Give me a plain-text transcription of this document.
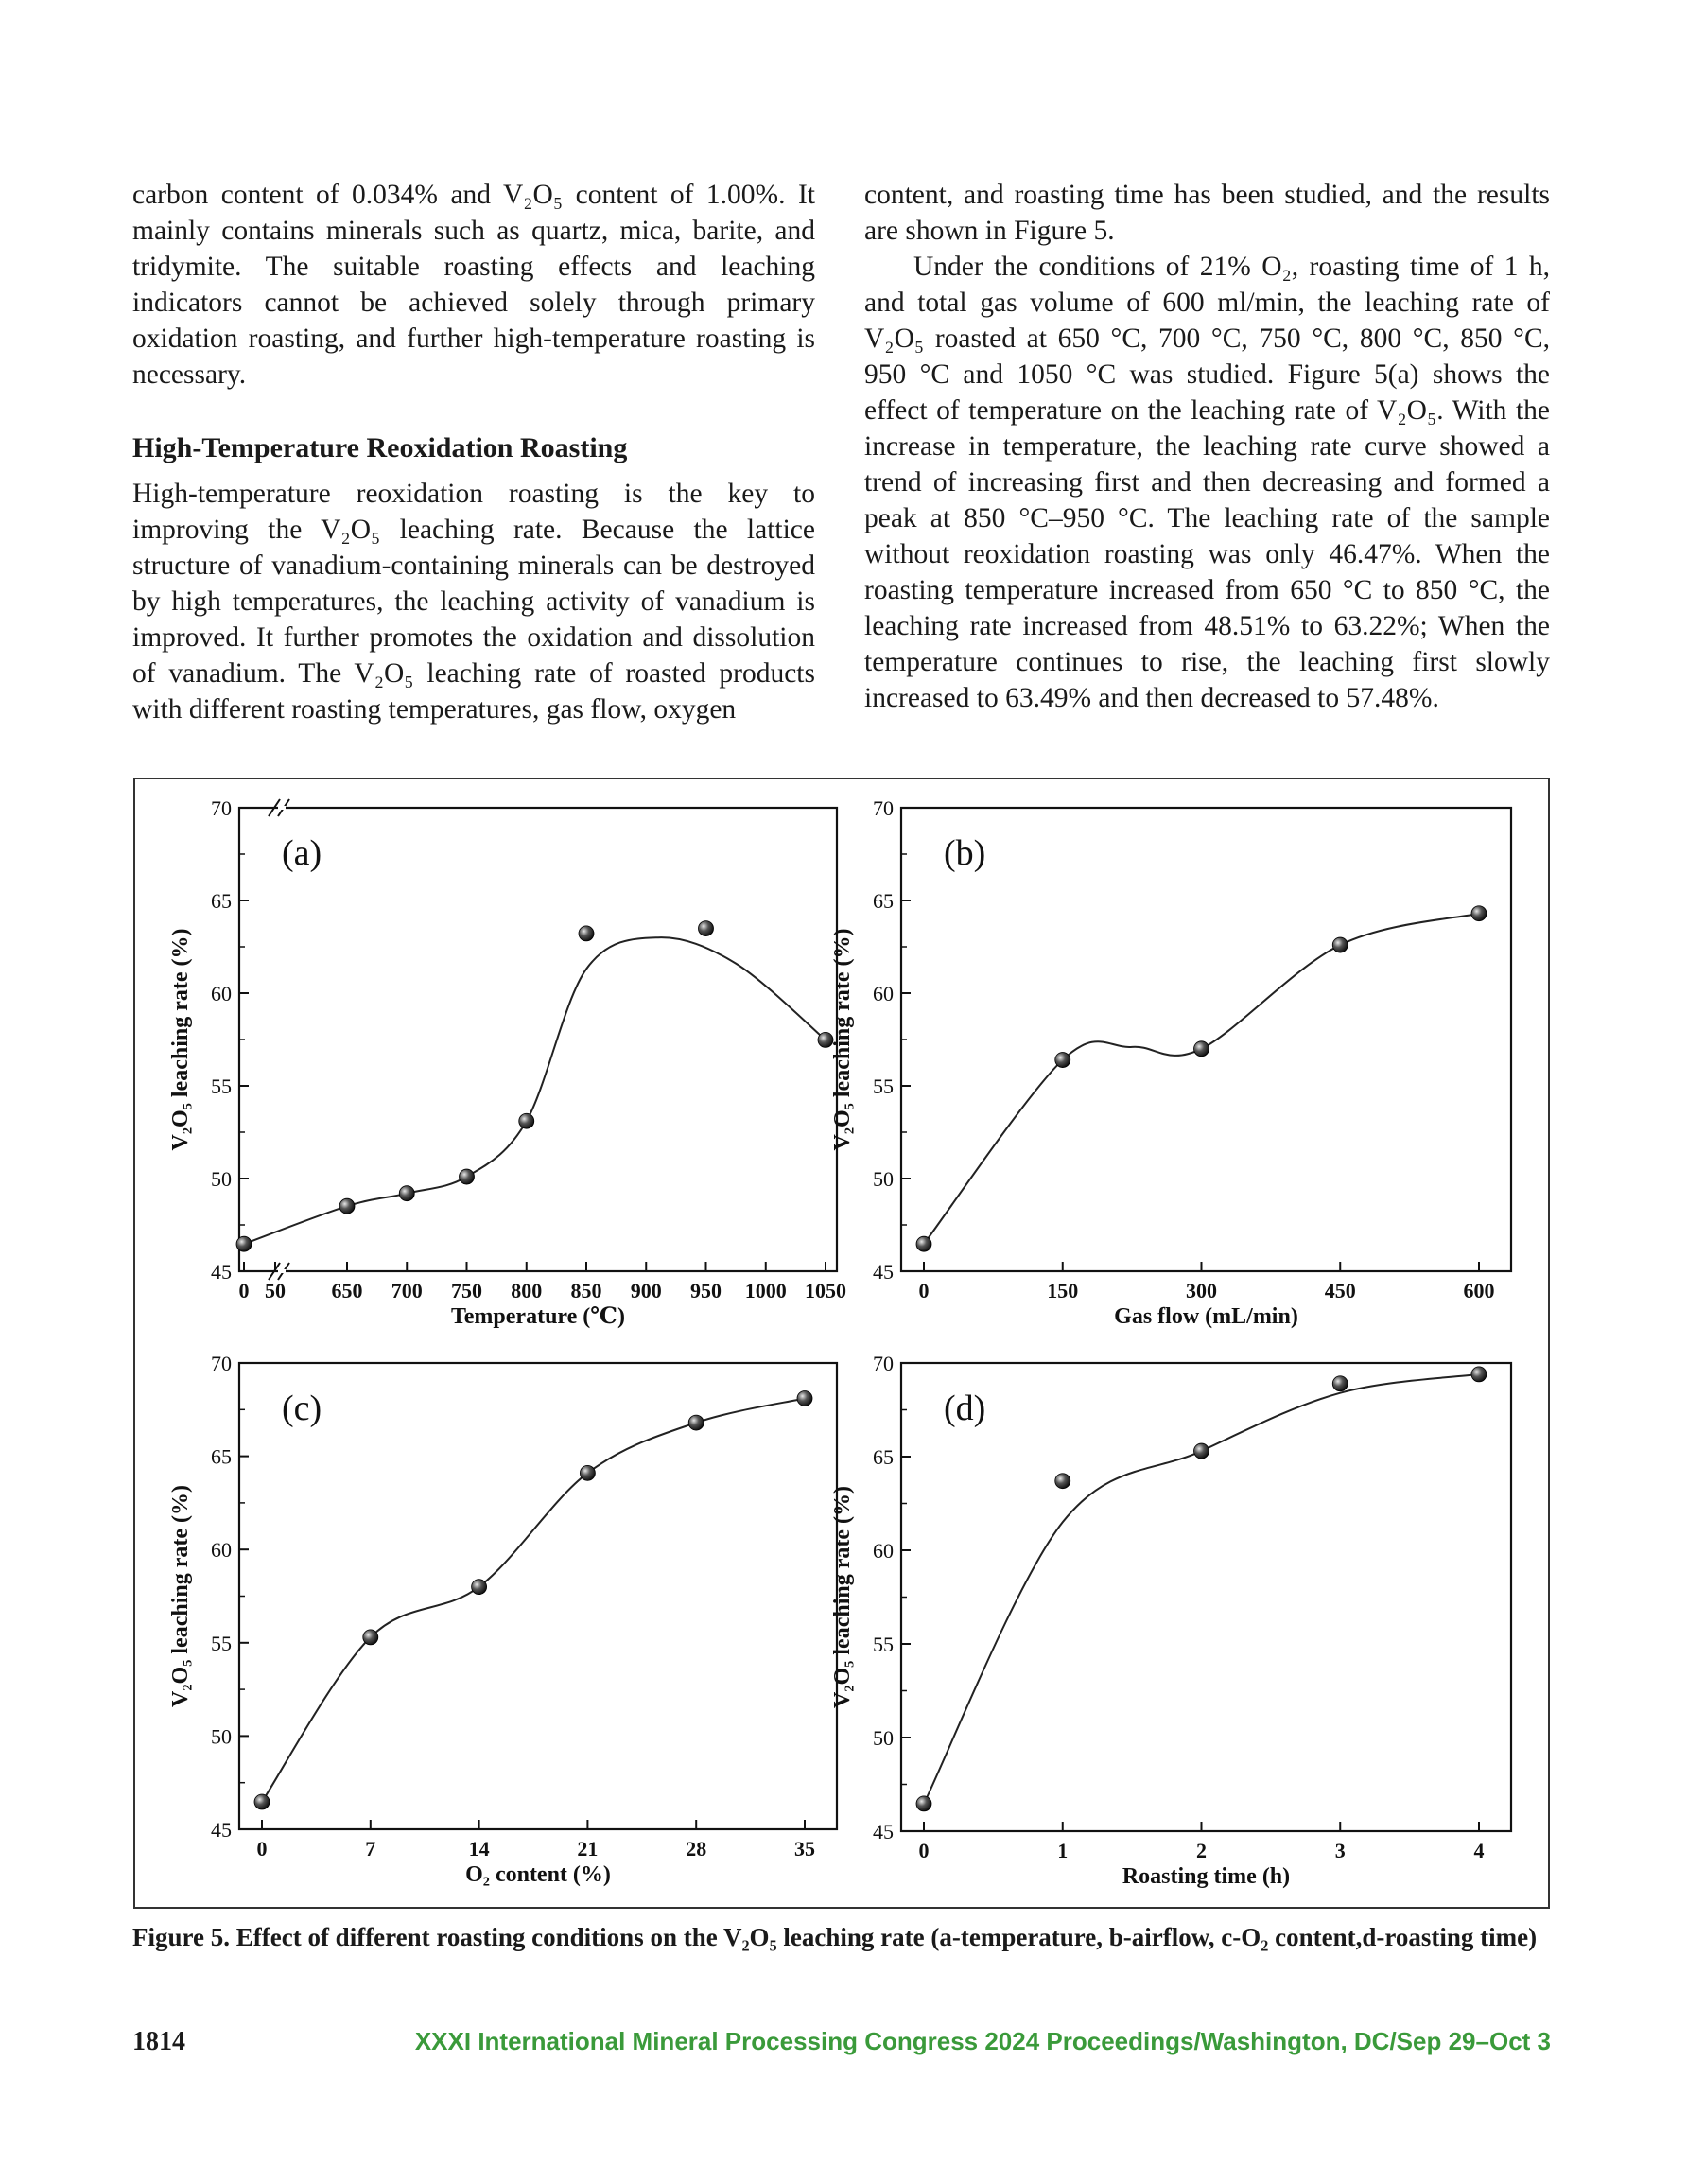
carbon content of 0.034% and V₂O₅ content of 1.00%. It mainly contains minerals such as quartz, mica, barite, and tridymite. The suitable roasting effects and leaching indicators cannot be achieved solely through primary oxidation roasting, and further high-temperature roasting is necessary.

High-Temperature Reoxidation Roasting

High-temperature reoxidation roasting is the key to improving the V₂O₅ leaching rate. Because the lattice structure of vanadium-containing minerals can be destroyed by high temperatures, the leaching activity of vanadium is improved. It further promotes the oxidation and dissolution of vanadium. The V₂O₅ leaching rate of roasted products with different roasting temperatures, gas flow, oxygen

content, and roasting time has been studied, and the results are shown in Figure 5.

Under the conditions of 21% O₂, roasting time of 1 h, and total gas volume of 600 ml/min, the leaching rate of V₂O₅ roasted at 650 °C, 700 °C, 750 °C, 800 °C, 850 °C, 950 °C and 1050 °C was studied. Figure 5(a) shows the effect of temperature on the leaching rate of V₂O₅. With the increase in temperature, the leaching rate curve showed a trend of increasing first and then decreasing and formed a peak at 850 °C–950 °C. The leaching rate of the sample without reoxidation roasting was only 46.47%. When the roasting temperature increased from 650 °C to 850 °C, the leaching rate increased from 48.51% to 63.22%; When the temperature continues to rise, the leaching first slowly increased to 63.49% and then decreased to 57.48%.

45
50
55
60
65
70
0 50 650 700 750 800 850 900 950 1000 1050
(a)
Temperature (℃)
V₂O₅ leaching rate (%)
45
50
55
60
65
70
0	150	300	450	600
(b)
Gas flow (mL/min)
V₂O₅ leaching rate (%)
45
50
55
60
65
70
0	7	14	21	28	35
(c)
O₂ content (%)
V₂O₅ leaching rate (%)
45
50
55
60
65
70
0	1	2	3	4
(d)
Roasting time (h)
V₂O₅ leaching rate (%)
Figure 5. Effect of different roasting conditions on the V₂O₅ leaching rate (a-temperature, b-airflow, c-O₂ content,d-roasting time)
1814	XXXI International Mineral Processing Congress 2024 Proceedings/Washington, DC/Sep 29–Oct 3
